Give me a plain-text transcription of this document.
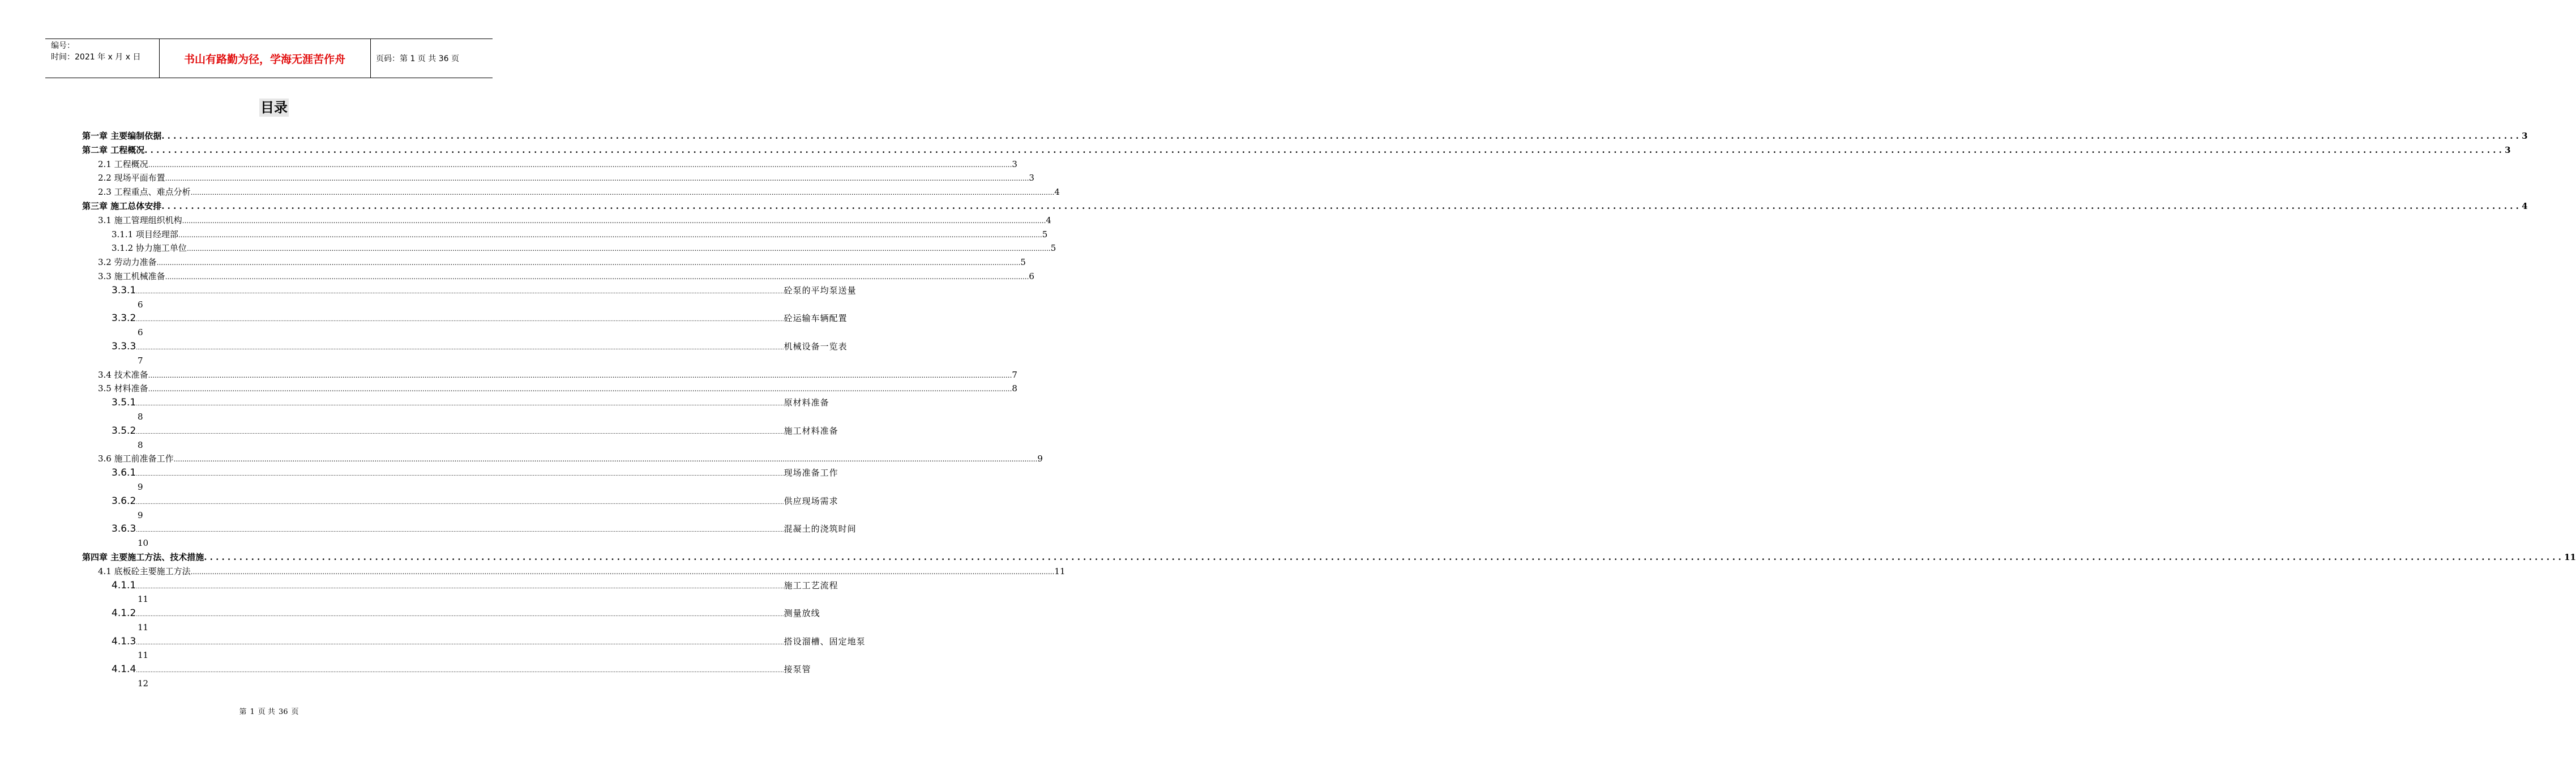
编号：
时间：2021 年 x 月 x 日	书山有路勤为径，学海无涯苦作舟	页码：第 1 页 共 36 页
目录
第一章 主要编制依据 ................................................................................................................................................................................................................................................................................................................................................................................................................ 3
第二章 工程概况 ................................................................................................................................................................................................................................................................................................................................................................................................................ 3
2.1 工程概况 ................................................................................................................................................................................................................................................................................................................................................................................................................ 3
2.2 现场平面布置 ................................................................................................................................................................................................................................................................................................................................................................................................................ 3
2.3 工程重点、难点分析 ................................................................................................................................................................................................................................................................................................................................................................................................................ 4
第三章 施工总体安排 ................................................................................................................................................................................................................................................................................................................................................................................................................ 4
3.1 施工管理组织机构 ................................................................................................................................................................................................................................................................................................................................................................................................................ 4
3.1.1 项目经理部 ................................................................................................................................................................................................................................................................................................................................................................................................................ 5
3.1.2 协力施工单位 ................................................................................................................................................................................................................................................................................................................................................................................................................ 5
3.2 劳动力准备 ................................................................................................................................................................................................................................................................................................................................................................................................................ 5
3.3 施工机械准备 ................................................................................................................................................................................................................................................................................................................................................................................................................ 6
3.3.1 ................................................................................................................................................................................................................................................................................................................................................................................................................ 砼泵的平均泵送量
6
3.3.2 ................................................................................................................................................................................................................................................................................................................................................................................................................ 砼运输车辆配置
6
3.3.3 ................................................................................................................................................................................................................................................................................................................................................................................................................ 机械设备一览表
7
3.4 技术准备 ................................................................................................................................................................................................................................................................................................................................................................................................................ 7
3.5 材料准备 ................................................................................................................................................................................................................................................................................................................................................................................................................ 8
3.5.1 ................................................................................................................................................................................................................................................................................................................................................................................................................ 原材料准备
8
3.5.2 ................................................................................................................................................................................................................................................................................................................................................................................................................ 施工材料准备
8
3.6 施工前准备工作 ................................................................................................................................................................................................................................................................................................................................................................................................................ 9
3.6.1 ................................................................................................................................................................................................................................................................................................................................................................................................................ 现场准备工作
9
3.6.2 ................................................................................................................................................................................................................................................................................................................................................................................................................ 供应现场需求
9
3.6.3 ................................................................................................................................................................................................................................................................................................................................................................................................................ 混凝土的浇筑时间
10
第四章 主要施工方法、技术措施 ................................................................................................................................................................................................................................................................................................................................................................................................................ 11
4.1 底板砼主要施工方法 ................................................................................................................................................................................................................................................................................................................................................................................................................ 11
4.1.1 ................................................................................................................................................................................................................................................................................................................................................................................................................ 施工工艺流程
11
4.1.2 ................................................................................................................................................................................................................................................................................................................................................................................................................ 测量放线
11
4.1.3 ................................................................................................................................................................................................................................................................................................................................................................................................................ 搭设溜槽、固定地泵
11
4.1.4 ................................................................................................................................................................................................................................................................................................................................................................................................................ 接泵管
12
第 1 页 共 36 页
